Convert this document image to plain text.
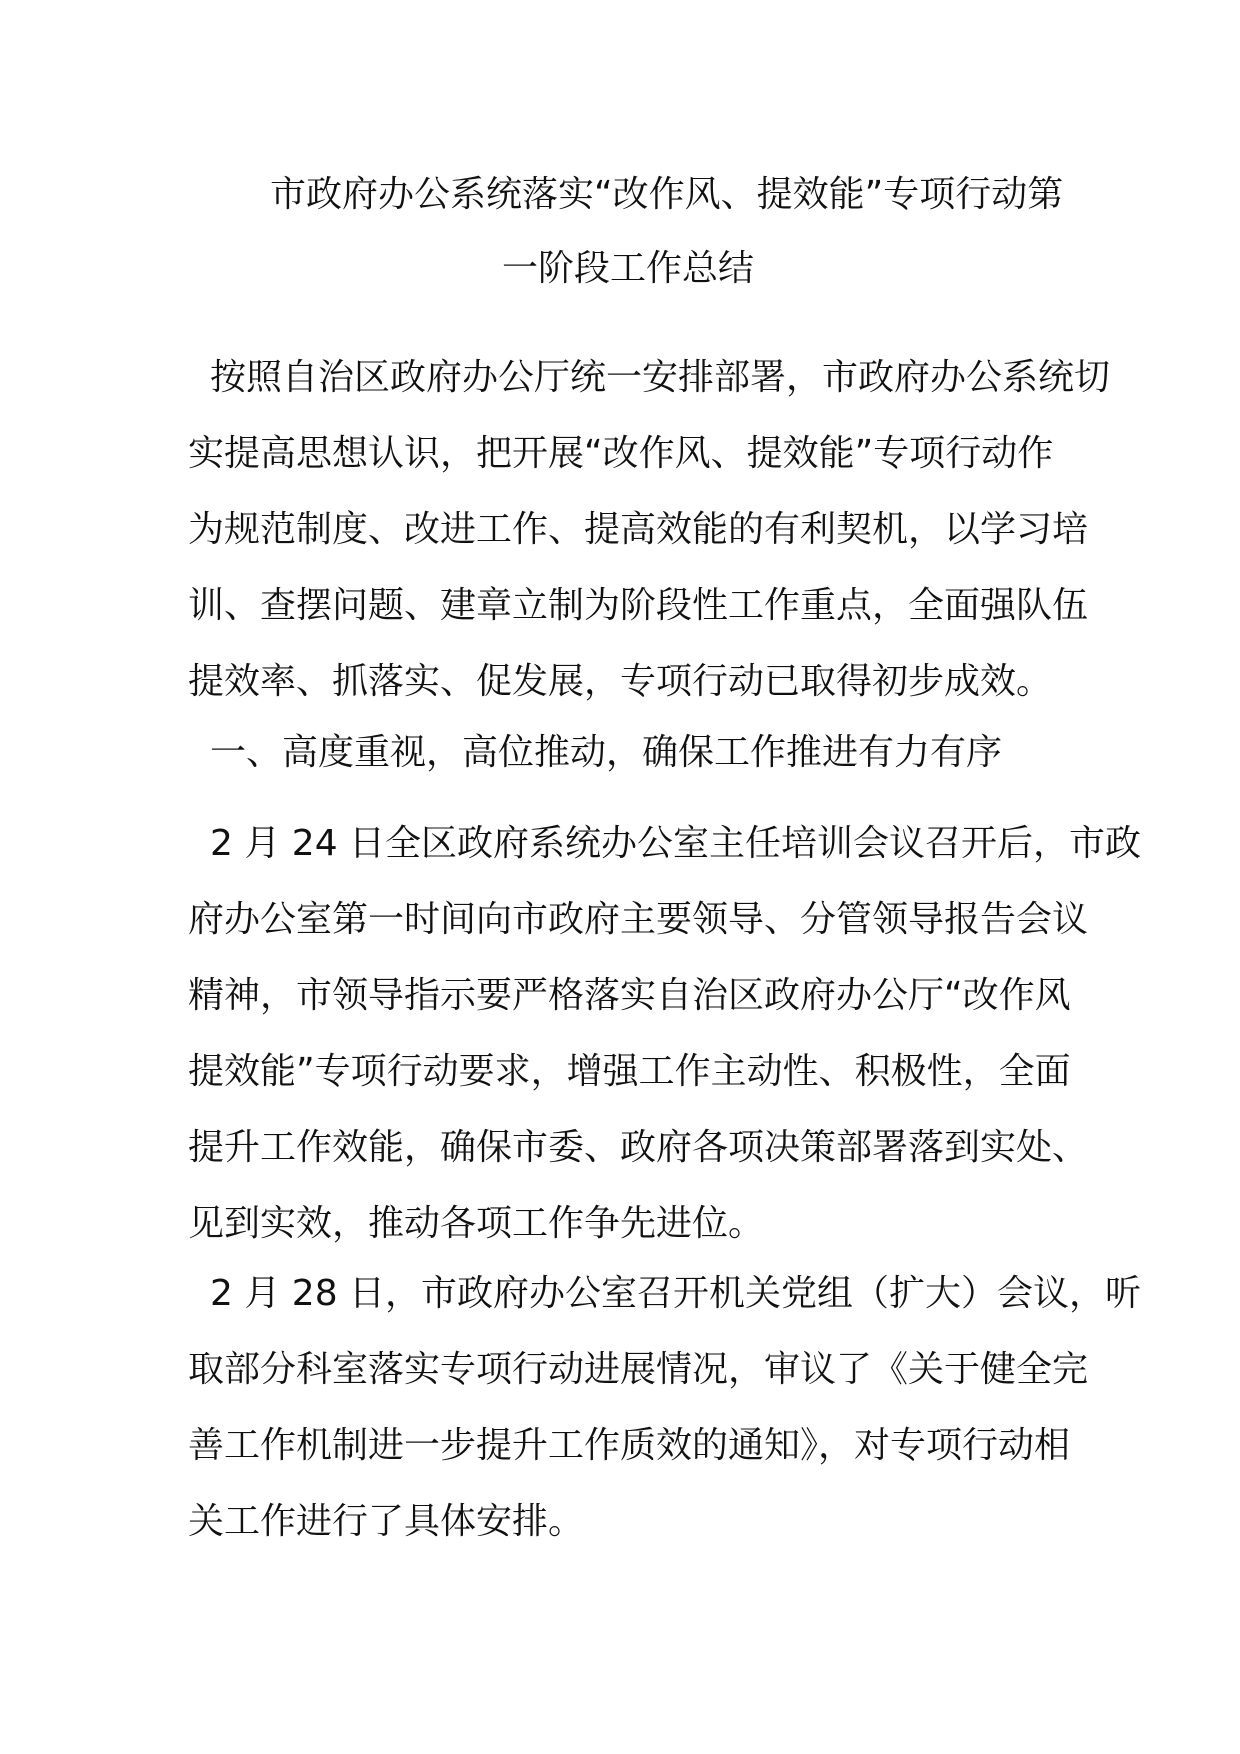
市政府办公系统落实“改作风、提效能”专项行动第
一阶段工作总结
按照自治区政府办公厅统一安排部署，市政府办公系统切
实提高思想认识，把开展“改作风、提效能”专项行动作
为规范制度、改进工作、提高效能的有利契机，以学习培
训、查摆问题、建章立制为阶段性工作重点，全面强队伍
提效率、抓落实、促发展，专项行动已取得初步成效。
一、高度重视，高位推动，确保工作推进有力有序
2 月 24 日全区政府系统办公室主任培训会议召开后，市政
府办公室第一时间向市政府主要领导、分管领导报告会议
精神，市领导指示要严格落实自治区政府办公厅“改作风
提效能”专项行动要求，增强工作主动性、积极性，全面
提升工作效能，确保市委、政府各项决策部署落到实处、
见到实效，推动各项工作争先进位。
2 月 28 日，市政府办公室召开机关党组（扩大）会议，听
取部分科室落实专项行动进展情况，审议了《关于健全完
善工作机制进一步提升工作质效的通知》，对专项行动相
关工作进行了具体安排。
